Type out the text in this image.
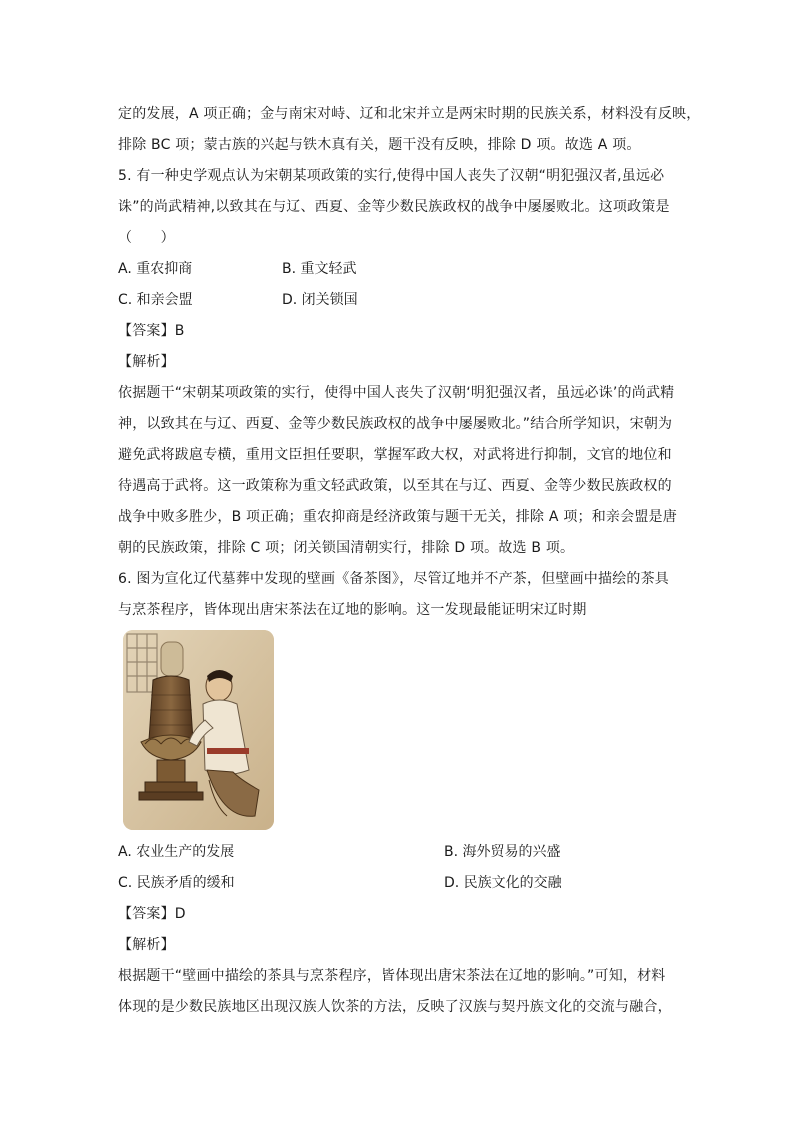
定的发展，A 项正确；金与南宋对峙、辽和北宋并立是两宋时期的民族关系，材料没有反映，
排除 BC 项；蒙古族的兴起与铁木真有关，题干没有反映，排除 D 项。故选 A 项。
5. 有一种史学观点认为宋朝某项政策的实行,使得中国人丧失了汉朝“明犯强汉者,虽远必
诛”的尚武精神,以致其在与辽、西夏、金等少数民族政权的战争中屡屡败北。这项政策是
（　　）
A. 重农抑商	B. 重文轻武
C. 和亲会盟	D. 闭关锁国
【答案】B
【解析】
依据题干“宋朝某项政策的实行，使得中国人丧失了汉朝‘明犯强汉者，虽远必诛’的尚武精
神，以致其在与辽、西夏、金等少数民族政权的战争中屡屡败北。”结合所学知识，宋朝为
避免武将跋扈专横，重用文臣担任要职，掌握军政大权，对武将进行抑制，文官的地位和
待遇高于武将。这一政策称为重文轻武政策，以至其在与辽、西夏、金等少数民族政权的
战争中败多胜少，B 项正确；重农抑商是经济政策与题干无关，排除 A 项；和亲会盟是唐
朝的民族政策，排除 C 项；闭关锁国清朝实行，排除 D 项。故选 B 项。
6. 图为宣化辽代墓葬中发现的壁画《备茶图》，尽管辽地并不产茶，但壁画中描绘的茶具
与烹茶程序，皆体现出唐宋茶法在辽地的影响。这一发现最能证明宋辽时期
A. 农业生产的发展	B. 海外贸易的兴盛
C. 民族矛盾的缓和	D. 民族文化的交融
【答案】D
【解析】
根据题干“壁画中描绘的茶具与烹茶程序，皆体现出唐宋茶法在辽地的影响。”可知，材料
体现的是少数民族地区出现汉族人饮茶的方法，反映了汉族与契丹族文化的交流与融合，
